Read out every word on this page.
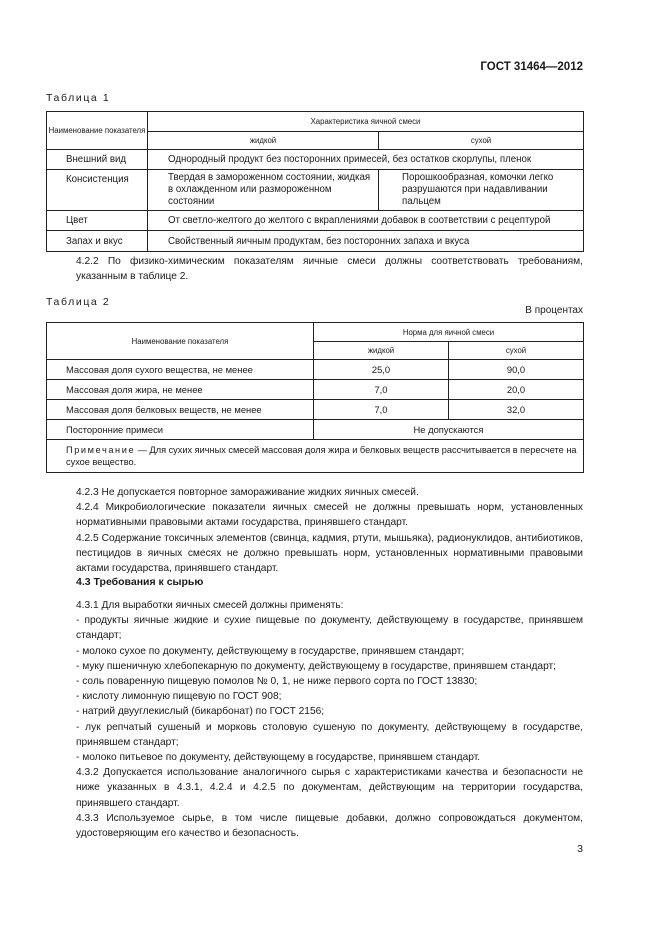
ГОСТ 31464—2012
Таблица 1
Наименование показателя	Характеристика яичной смеси	
	жидкой	сухой
Внешний вид	Однородный продукт без посторонних примесей, без остатков скорлупы, пленок	
Консистенция	Твердая в замороженном состоянии, жидкая в охлажденном или размороженном состоянии	Порошкообразная, комочки легко разрушаются при надавливании пальцем
Цвет	От светло-желтого до желтого с вкраплениями добавок в соответствии с рецептурой	
Запах и вкус	Свойственный яичным продуктам, без посторонних запаха и вкуса	
4.2.2 По физико-химическим показателям яичные смеси должны соответствовать требованиям, указанным в таблице 2.
Таблица 2
В процентах
Наименование показателя	Норма для яичной смеси	
	жидкой	сухой
Массовая доля сухого вещества, не менее	25,0	90,0
Массовая доля жира, не менее	7,0	20,0
Массовая доля белковых веществ, не менее	7,0	32,0
Посторонние примеси	Не допускаются	
Примечание — Для сухих яичных смесей массовая доля жира и белковых веществ рассчитывается в пересчете на сухое вещество.		
4.2.3 Не допускается повторное замораживание жидких яичных смесей.
4.2.4 Микробиологические показатели яичных смесей не должны превышать норм, установленных нормативными правовыми актами государства, принявшего стандарт.
4.2.5 Содержание токсичных элементов (свинца, кадмия, ртути, мышьяка), радионуклидов, антибиотиков, пестицидов в яичных смесях не должно превышать норм, установленных нормативными правовыми актами государства, принявшего стандарт.
4.3 Требования к сырью
4.3.1 Для выработки яичных смесей должны применять:
- продукты яичные жидкие и сухие пищевые по документу, действующему в государстве, принявшем стандарт;
- молоко сухое по документу, действующему в государстве, принявшем стандарт;
- муку пшеничную хлебопекарную по документу, действующему в государстве, принявшем стандарт;
- соль поваренную пищевую помолов № 0, 1, не ниже первого сорта по ГОСТ 13830;
- кислоту лимонную пищевую по ГОСТ 908;
- натрий двууглекислый (бикарбонат) по ГОСТ 2156;
- лук репчатый сушеный и морковь столовую сушеную по документу, действующему в государстве, принявшем стандарт;
- молоко питьевое по документу, действующему в государстве, принявшем стандарт.
4.3.2 Допускается использование аналогичного сырья с характеристиками качества и безопасности не ниже указанных в 4.3.1, 4.2.4 и 4.2.5 по документам, действующим на территории государства, принявшего стандарт.
4.3.3 Используемое сырье, в том числе пищевые добавки, должно сопровождаться документом, удостоверяющим его качество и безопасность.
3
